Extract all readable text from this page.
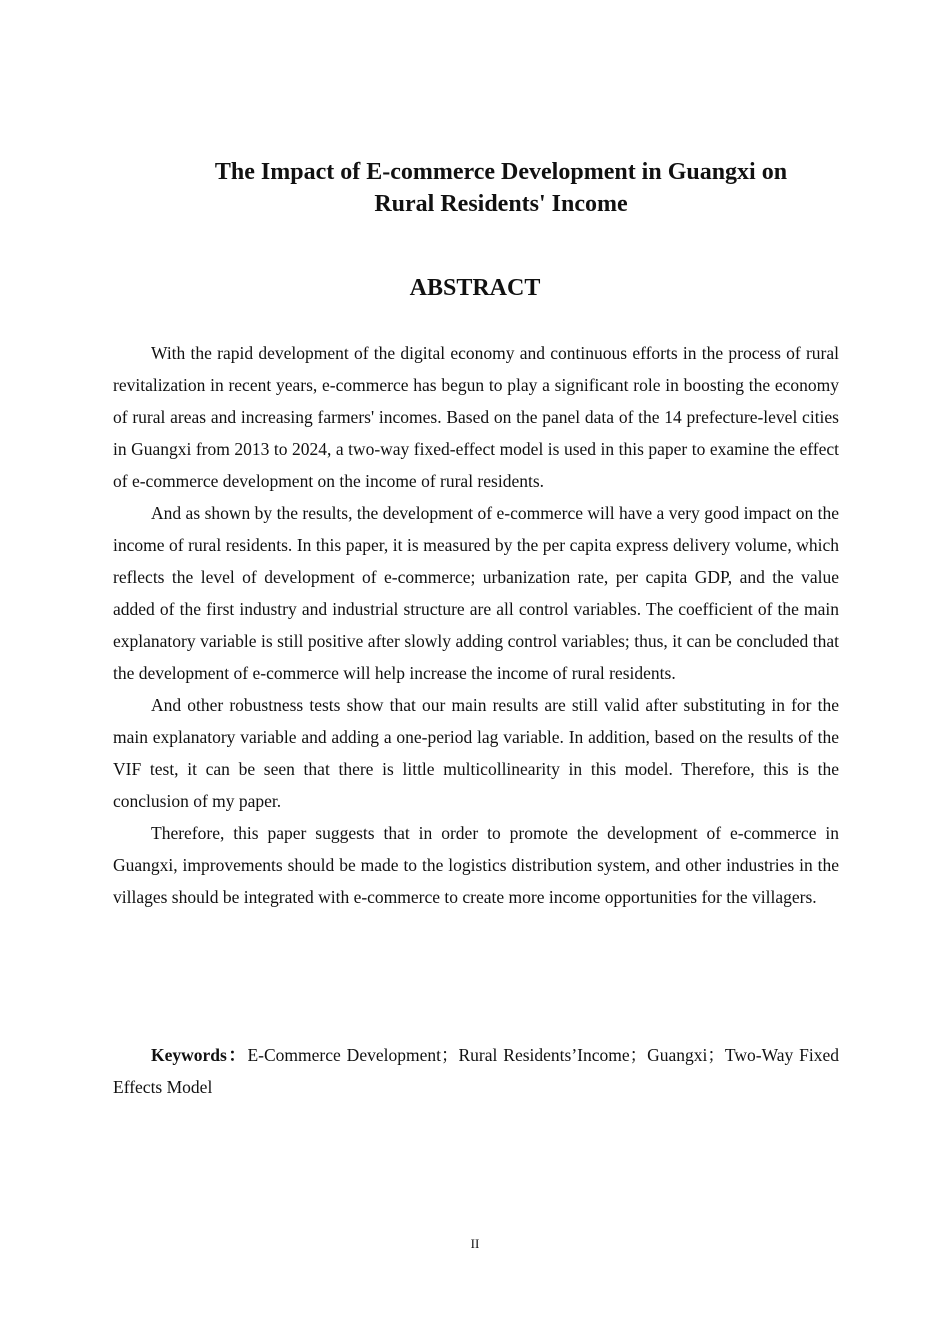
The Impact of E-commerce Development in Guangxi on
Rural Residents' Income
ABSTRACT

With the rapid development of the digital economy and continuous efforts in the process of rural revitalization in recent years, e-commerce has begun to play a significant role in boosting the economy of rural areas and increasing farmers' incomes. Based on the panel data of the 14 prefecture-level cities in Guangxi from 2013 to 2024, a two-way fixed-effect model is used in this paper to examine the effect of e-commerce development on the income of rural residents.

And as shown by the results, the development of e-commerce will have a very good impact on the income of rural residents. In this paper, it is measured by the per capita express delivery volume, which reflects the level of development of e-commerce; urbanization rate, per capita GDP, and the value added of the first industry and industrial structure are all control variables. The coefficient of the main explanatory variable is still positive after slowly adding control variables; thus, it can be concluded that the development of e-commerce will help increase the income of rural residents.

And other robustness tests show that our main results are still valid after substituting in for the main explanatory variable and adding a one-period lag variable. In addition, based on the results of the VIF test, it can be seen that there is little multicollinearity in this model. Therefore, this is the conclusion of my paper.

Therefore, this paper suggests that in order to promote the development of e-commerce in Guangxi, improvements should be made to the logistics distribution system, and other industries in the villages should be integrated with e-commerce to create more income opportunities for the villagers.

Keywords：E-Commerce Development；Rural Residents’Income；Guangxi；Two-Way Fixed Effects Model

II
